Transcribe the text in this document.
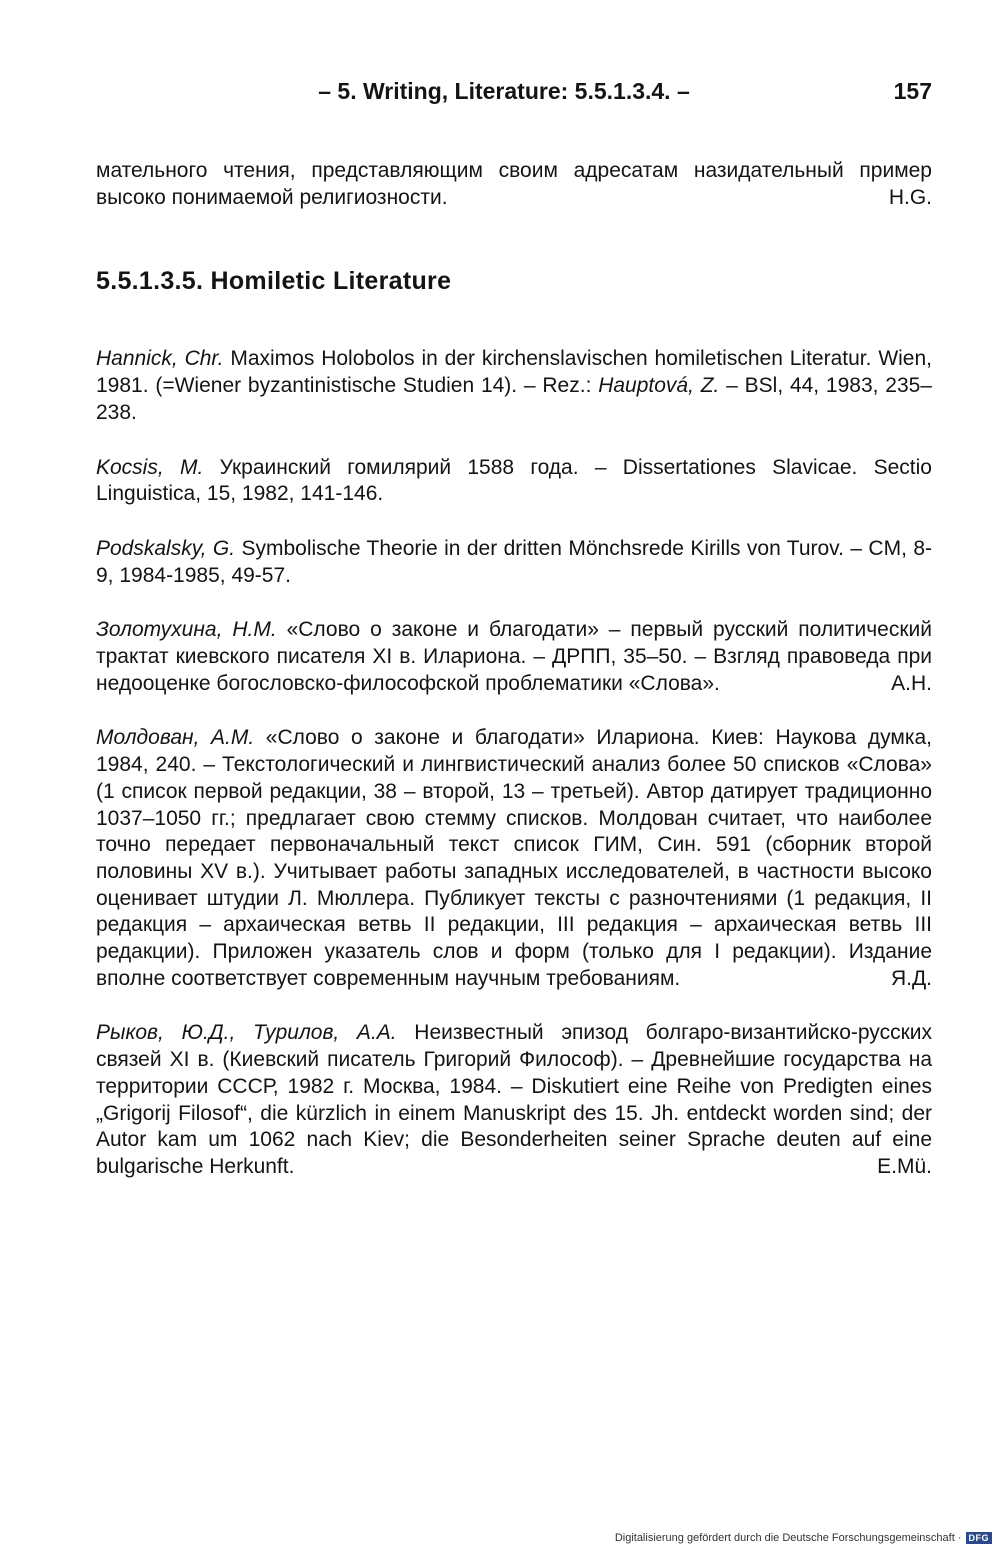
– 5. Writing, Literature: 5.5.1.3.4. –	157

мательного чтения, представляющим своим адресатам назидательный пример высоко понимаемой религиозности.	H.G.

5.5.1.3.5. Homiletic Literature

Hannick, Chr. Maximos Holobolos in der kirchenslavischen homiletischen Literatur. Wien, 1981. (=Wiener byzantinistische Studien 14). – Rez.: Hauptová, Z. – BSl, 44, 1983, 235–238.

Kocsis, M. Украинский гомилярий 1588 года. – Dissertationes Slavicae. Sectio Linguistica, 15, 1982, 141-146.

Podskalsky, G. Symbolische Theorie in der dritten Mönchsrede Kirills von Turov. – CM, 8-9, 1984-1985, 49-57.

Золотухина, Н.М. «Слово о законе и благодати» – первый русский политический трактат киевского писателя XI в. Илариона. – ДРПП, 35–50. – Взгляд правоведа при недооценке богословско-философской проблематики «Слова».	А.Н.

Молдован, А.М. «Слово о законе и благодати» Илариона. Киев: Наукова думка, 1984, 240. – Текстологический и лингвистический анализ более 50 списков «Слова» (1 список первой редакции, 38 – второй, 13 – третьей). Автор датирует традиционно 1037–1050 гг.; предлагает свою стемму списков. Молдован считает, что наиболее точно передает первоначальный текст список ГИМ, Син. 591 (сборник второй половины XV в.). Учитывает работы западных исследователей, в частности высоко оценивает штудии Л. Мюллера. Публикует тексты с разночтениями (1 редакция, II редакция – архаическая ветвь II редакции, III редакция – архаическая ветвь III редакции). Приложен указатель слов и форм (только для I редакции). Издание вполне соответствует современным научным требованиям.	Я.Д.

Рыков, Ю.Д., Турилов, А.А. Неизвестный эпизод болгаро-византийско-русских связей XI в. (Киевский писатель Григорий Философ). – Древнейшие государства на территории СССР, 1982 г. Москва, 1984. – Diskutiert eine Reihe von Predigten eines „Grigorij Filosof“, die kürzlich in einem Manuskript des 15. Jh. entdeckt worden sind; der Autor kam um 1062 nach Kiev; die Besonderheiten seiner Sprache deuten auf eine bulgarische Herkunft.	E.Mü.

Digitalisierung gefördert durch die Deutsche Forschungsgemeinschaft · DFG
